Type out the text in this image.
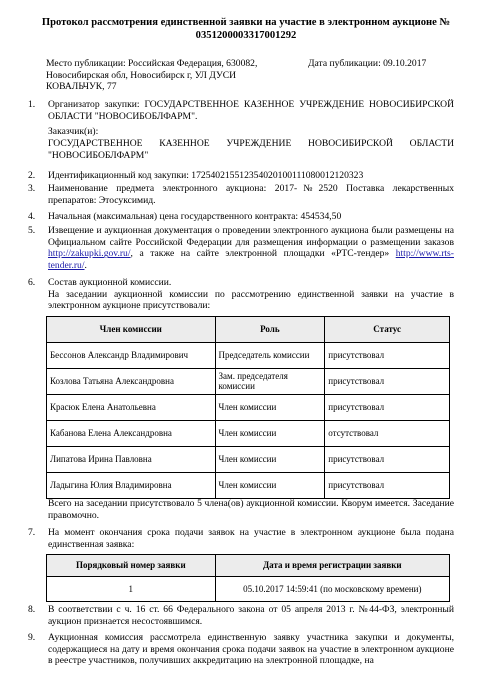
Протокол рассмотрения единственной заявки на участие в электронном аукционе № 0351200003317001292
Место публикации: Российская Федерация, 630082, Новосибирская обл, Новосибирск г, УЛ ДУСИ КОВАЛЬЧУК, 77
Дата публикации: 09.10.2017
1. Организатор закупки: ГОСУДАРСТВЕННОЕ КАЗЕННОЕ УЧРЕЖДЕНИЕ НОВОСИБИРСКОЙ ОБЛАСТИ "НОВОСИБОБЛФАРМ".
Заказчик(и):
ГОСУДАРСТВЕННОЕ КАЗЕННОЕ УЧРЕЖДЕНИЕ НОВОСИБИРСКОЙ ОБЛАСТИ "НОВОСИБОБЛФАРМ"
2. Идентификационный код закупки: 172540215512354020100111080012120323
3. Наименование предмета электронного аукциона: 2017-№2520 Поставка лекарственных препаратов: Этосуксимид.
4. Начальная (максимальная) цена государственного контракта: 454534,50
5. Извещение и аукционная документация о проведении электронного аукциона были размещены на Официальном сайте Российской Федерации для размещения информации о размещении заказов http://zakupki.gov.ru/, а также на сайте электронной площадки «РТС-тендер» http://www.rts-tender.ru/.
6. Состав аукционной комиссии.
На заседании аукционной комиссии по рассмотрению единственной заявки на участие в электронном аукционе присутствовали:
Член комиссии	Роль	Статус
Бессонов Александр Владимирович	Председатель комиссии	присутствовал
Козлова Татьяна Александровна	Зам. председателя комиссии	присутствовал
Красюк Елена Анатольевна	Член комиссии	присутствовал
Кабанова Елена Александровна	Член комиссии	отсутствовал
Липатова Ирина Павловна	Член комиссии	присутствовал
Ладыгина Юлия Владимировна	Член комиссии	присутствовал
Всего на заседании присутствовало 5 члена(ов) аукционной комиссии. Кворум имеется. Заседание правомочно.
7. На момент окончания срока подачи заявок на участие в электронном аукционе была подана единственная заявка:
Порядковый номер заявки	Дата и время регистрации заявки
1	05.10.2017 14:59:41 (по московскому времени)
8. В соответствии с ч. 16 ст. 66 Федерального закона от 05 апреля 2013 г. №44-ФЗ, электронный аукцион признается несостоявшимся.
9. Аукционная комиссия рассмотрела единственную заявку участника закупки и документы, содержащиеся на дату и время окончания срока подачи заявок на участие в электронном аукционе в реестре участников, получивших аккредитацию на электронной площадке, на
